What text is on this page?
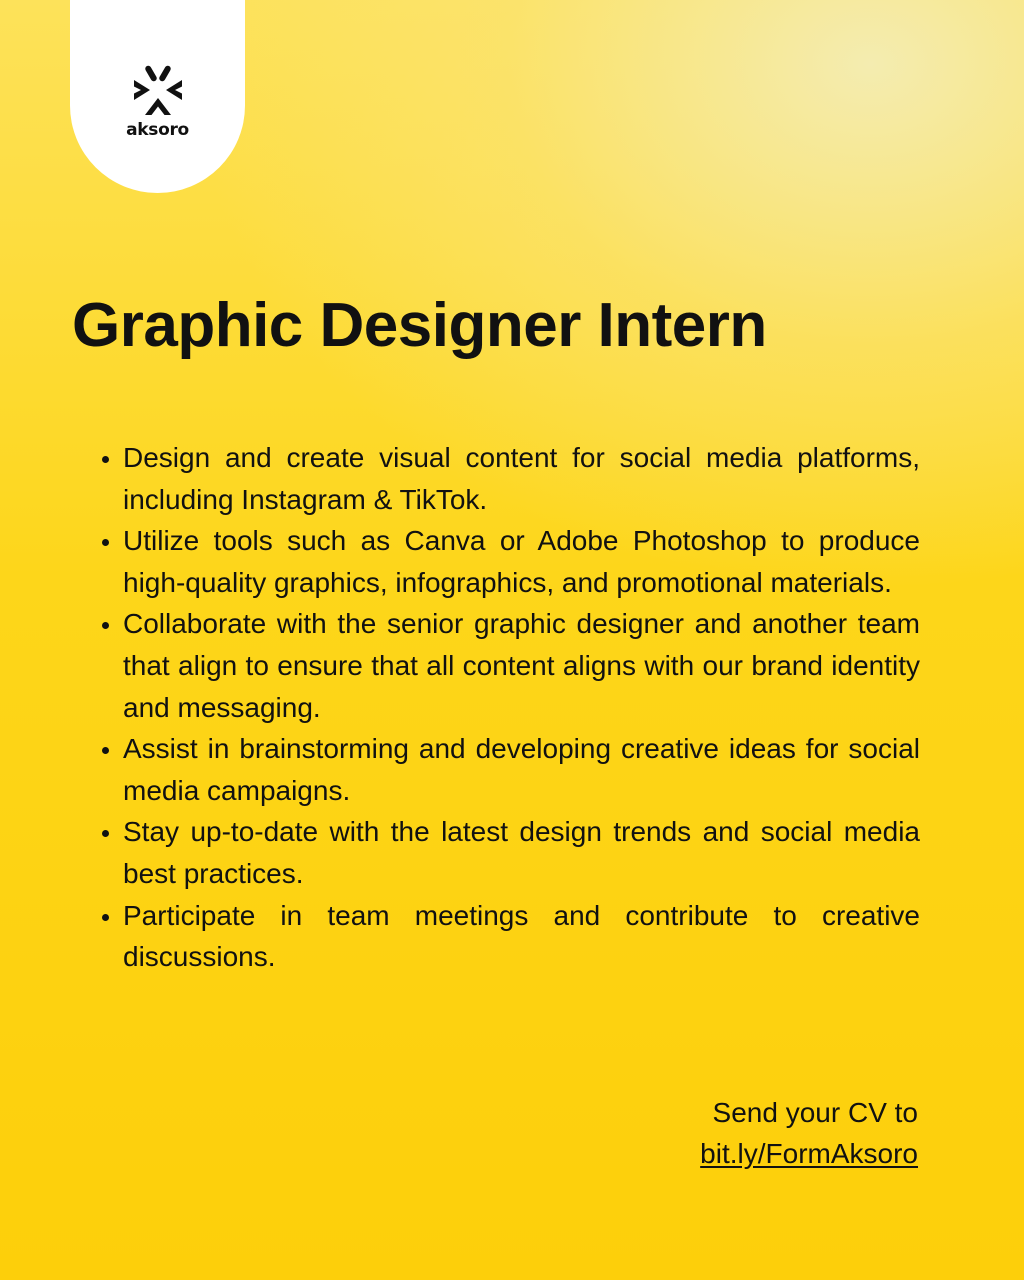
aksoro
Graphic Designer Intern
Design and create visual content for social media platforms, including Instagram & TikTok.
Utilize tools such as Canva or Adobe Photoshop to produce high-quality graphics, infographics, and promotional materials.
Collaborate with the senior graphic designer and another team that align to ensure that all content aligns with our brand identity and messaging.
Assist in brainstorming and developing creative ideas for social media campaigns.
Stay up-to-date with the latest design trends and social media best practices.
Participate in team meetings and contribute to creative discussions.
Send your CV to
bit.ly/FormAksoro
